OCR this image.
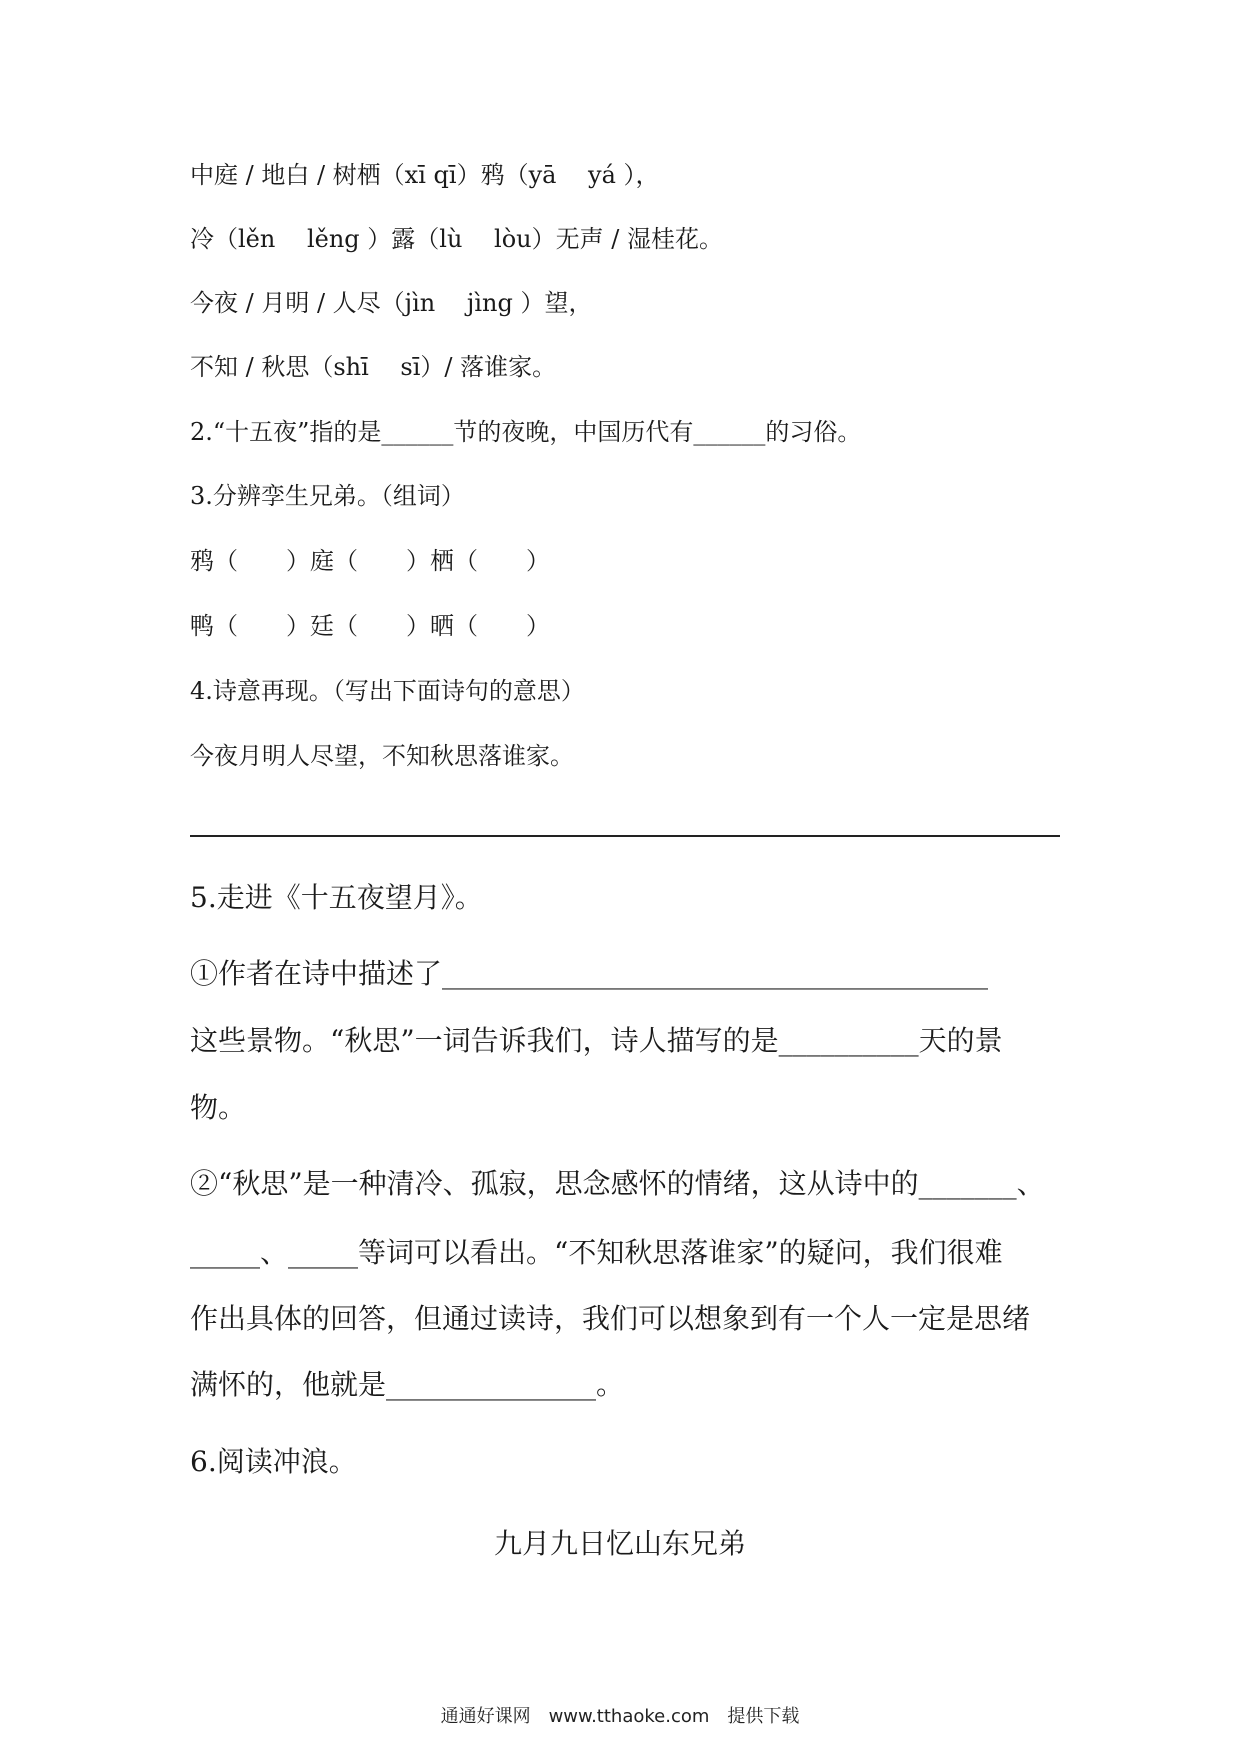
中庭 / 地白 / 树栖（xī qī）鸦（yā　 yá ），
冷（lěn　 lěng ）露（lù　 lòu）无声 / 湿桂花。
今夜 / 月明 / 人尽（jìn　 jìng ）望，
不知 / 秋思（shī　 sī）/ 落谁家。
2.“十五夜”指的是______节的夜晚，中国历代有______的习俗。
3.分辨孪生兄弟。（组词）
鸦（　　）庭（　　）栖（　　）
鸭（　　）廷（　　）晒（　　）
4.诗意再现。（写出下面诗句的意思）
今夜月明人尽望，不知秋思落谁家。
5.走进《十五夜望月》。
①作者在诗中描述了_______________________________________
这些景物。“秋思”一词告诉我们，诗人描写的是__________天的景
物。
②“秋思”是一种清冷、孤寂，思念感怀的情绪，这从诗中的_______、
_____、_____等词可以看出。“不知秋思落谁家”的疑问，我们很难
作出具体的回答，但通过读诗，我们可以想象到有一个人一定是思绪
满怀的，他就是_______________。
6.阅读冲浪。
九月九日忆山东兄弟
通通好课网　www.tthaoke.com　提供下载
